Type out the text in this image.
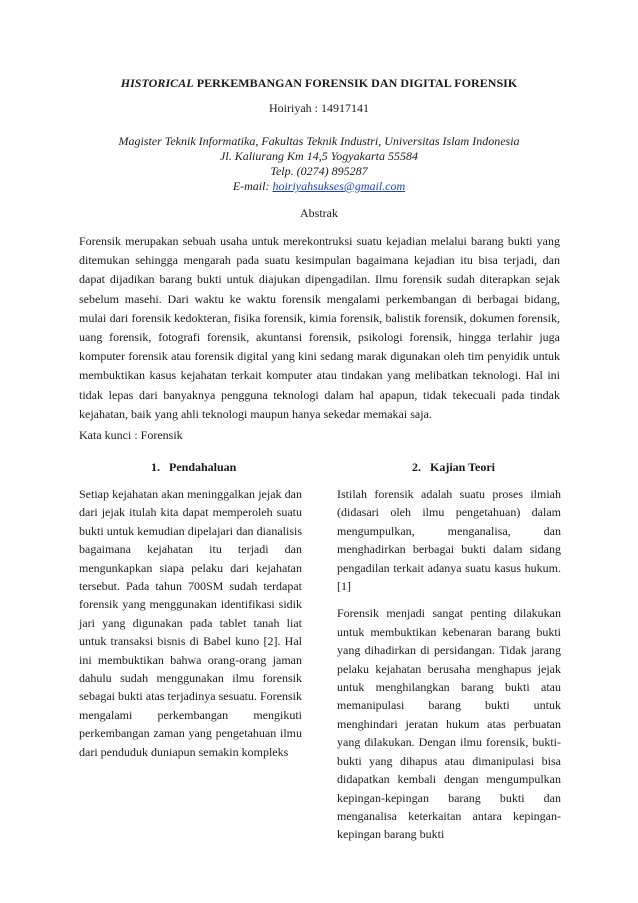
HISTORICAL PERKEMBANGAN FORENSIK DAN DIGITAL FORENSIK
Hoiriyah : 14917141
Magister Teknik Informatika, Fakultas Teknik Industri, Universitas Islam Indonesia
Jl. Kaliurang Km 14,5 Yogyakarta 55584
Telp. (0274) 895287
E-mail: hoiriyahsukses@gmail.com
Abstrak
Forensik merupakan sebuah usaha untuk merekontruksi suatu kejadian melalui barang bukti yang ditemukan sehingga mengarah pada suatu kesimpulan bagaimana kejadian itu bisa terjadi, dan dapat dijadikan barang bukti untuk diajukan dipengadilan. Ilmu forensik sudah diterapkan sejak sebelum masehi. Dari waktu ke waktu forensik mengalami perkembangan di berbagai bidang, mulai dari forensik kedokteran, fisika forensik, kimia forensik, balistik forensik, dokumen forensik, uang forensik, fotografi forensik, akuntansi forensik, psikologi forensik, hingga terlahir juga komputer forensik atau forensik digital yang kini sedang marak digunakan oleh tim penyidik untuk membuktikan kasus kejahatan terkait komputer atau tindakan yang melibatkan teknologi. Hal ini tidak lepas dari banyaknya pengguna teknologi dalam hal apapun, tidak tekecuali pada tindak kejahatan, baik yang ahli teknologi maupun hanya sekedar memakai saja.
Kata kunci : Forensik
1.   Pendahaluan	2.   Kajian Teori

Setiap kejahatan akan meninggalkan jejak dan dari jejak itulah kita dapat memperoleh suatu bukti untuk kemudian dipelajari dan dianalisis bagaimana kejahatan itu terjadi dan mengunkapkan siapa pelaku dari kejahatan tersebut. Pada tahun 700SM sudah terdapat forensik yang menggunakan identifikasi sidik jari yang digunakan pada tablet tanah liat untuk transaksi bisnis di Babel kuno [2]. Hal ini membuktikan bahwa orang-orang jaman dahulu sudah menggunakan ilmu forensik sebagai bukti atas terjadinya sesuatu. Forensik mengalami perkembangan mengikuti perkembangan zaman yang pengetahuan ilmu dari penduduk duniapun semakin kompleks

Istilah forensik adalah suatu proses ilmiah (didasari oleh ilmu pengetahuan) dalam mengumpulkan, menganalisa, dan menghadirkan berbagai bukti dalam sidang pengadilan terkait adanya suatu kasus hukum. [1]

Forensik menjadi sangat penting dilakukan untuk membuktikan kebenaran barang bukti yang dihadirkan di persidangan. Tidak jarang pelaku kejahatan berusaha menghapus jejak untuk menghilangkan barang bukti atau memanipulasi barang bukti untuk menghindari jeratan hukum atas perbuatan yang dilakukan. Dengan ilmu forensik, bukti-bukti yang dihapus atau dimanipulasi bisa didapatkan kembali dengan mengumpulkan kepingan-kepingan barang bukti dan menganalisa keterkaitan antara kepingan-kepingan barang bukti
